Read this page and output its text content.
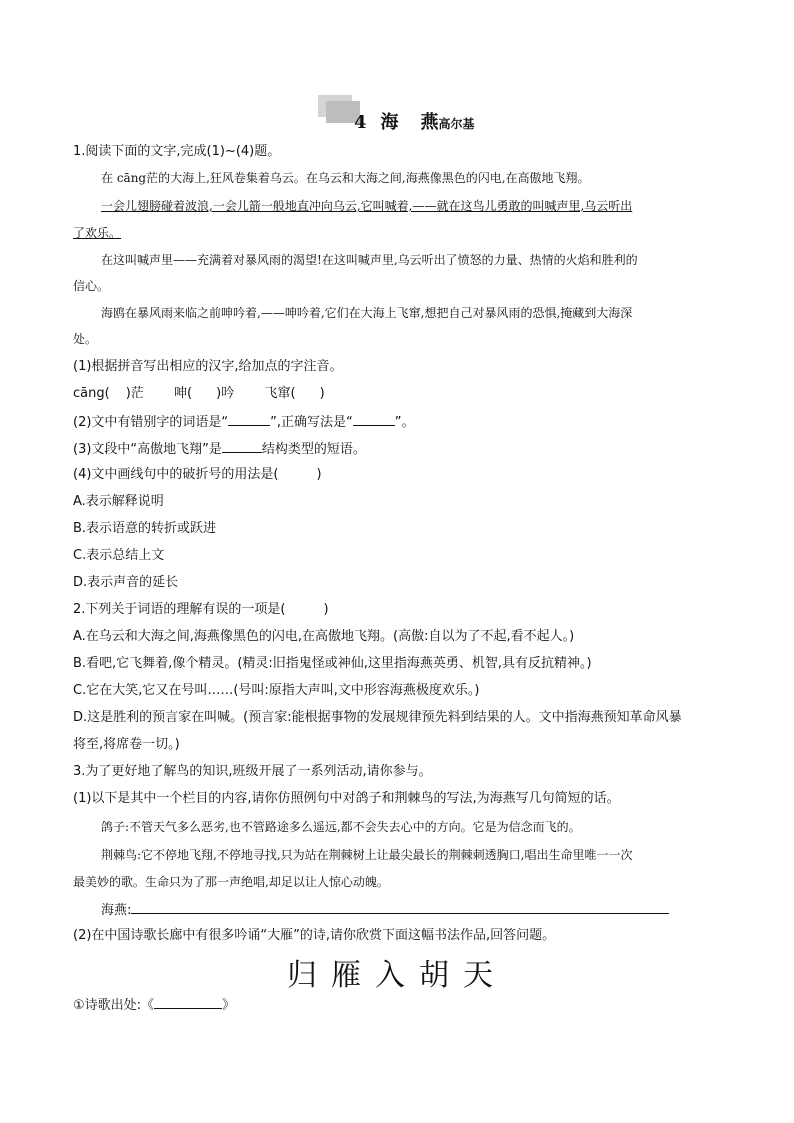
4 海 燕高尔基
1.阅读下面的文字,完成(1)~(4)题。
在 cāng茫的大海上,狂风卷集着乌云。在乌云和大海之间,海燕像黑色的闪电,在高傲地飞翔。
一会儿翅膀碰着波浪,一会儿箭一般地直冲向乌云,它叫喊着,——就在这鸟儿勇敢的叫喊声里,乌云听出
了欢乐。
在这叫喊声里——充满着对暴风雨的渴望!在这叫喊声里,乌云听出了愤怒的力量、热情的火焰和胜利的
信心。
海鸥在暴风雨来临之前呻吟着,——呻吟着,它们在大海上飞窜,想把自己对暴风雨的恐惧,掩藏到大海深
处。
(1)根据拼音写出相应的汉字,给加点的字注音。
cāng( )茫 呻( )吟 飞窜( )
(2)文中有错别字的词语是“	”,正确写法是“	”。
(3)文段中“高傲地飞翔”是	结构类型的短语。
(4)文中画线句中的破折号的用法是(	)
A.表示解释说明
B.表示语意的转折或跃进
C.表示总结上文
D.表示声音的延长
2.下列关于词语的理解有误的一项是(	)
A.在乌云和大海之间,海燕像黑色的闪电,在高傲地飞翔。(高傲:自以为了不起,看不起人。)
B.看吧,它飞舞着,像个精灵。(精灵:旧指鬼怪或神仙,这里指海燕英勇、机智,具有反抗精神。)
C.它在大笑,它又在号叫……(号叫:原指大声叫,文中形容海燕极度欢乐。)
D.这是胜利的预言家在叫喊。(预言家:能根据事物的发展规律预先料到结果的人。文中指海燕预知革命风暴
将至,将席卷一切。)
3.为了更好地了解鸟的知识,班级开展了一系列活动,请你参与。
(1)以下是其中一个栏目的内容,请你仿照例句中对鸽子和荆棘鸟的写法,为海燕写几句简短的话。
鸽子:不管天气多么恶劣,也不管路途多么遥远,都不会失去心中的方向。它是为信念而飞的。
荆棘鸟:它不停地飞翔,不停地寻找,只为站在荆棘树上让最尖最长的荆棘刺透胸口,唱出生命里唯一一次
最美妙的歌。生命只为了那一声绝唱,却足以让人惊心动魄。
海燕:
(2)在中国诗歌长廊中有很多吟诵“大雁”的诗,请你欣赏下面这幅书法作品,回答问题。
归雁入胡天
①诗歌出处:《	》
